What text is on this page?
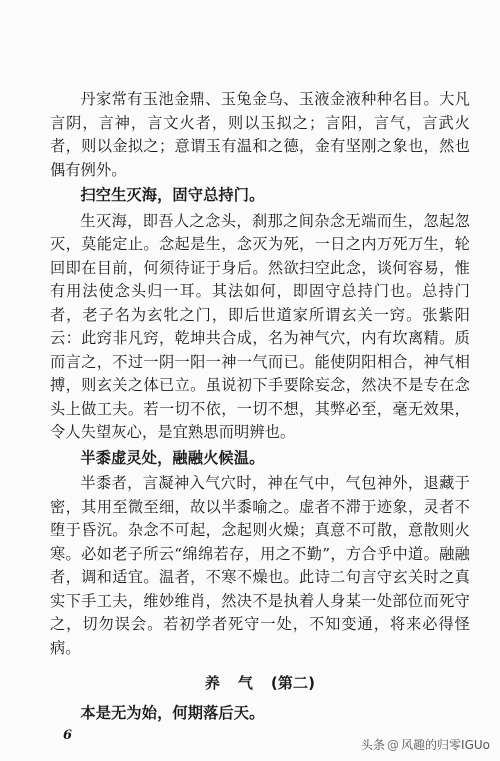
丹家常有玉池金鼎、玉兔金乌、玉液金液种种名目。大凡言阴，言神，言文火者，则以玉拟之；言阳，言气，言武火者，则以金拟之；意谓玉有温和之德，金有坚刚之象也，然也偶有例外。

扫空生灭海，固守总持门。

生灭海，即吾人之念头，刹那之间杂念无端而生，忽起忽灭，莫能定止。念起是生，念灭为死，一日之内万死万生，轮回即在目前，何须待证于身后。然欲扫空此念，谈何容易，惟有用法使念头归一耳。其法如何，即固守总持门也。总持门者，老子名为玄牝之门，即后世道家所谓玄关一窍。张紫阳云：此窍非凡窍，乾坤共合成，名为神气穴，内有坎离精。质而言之，不过一阴一阳一神一气而已。能使阴阳相合，神气相搏，则玄关之体已立。虽说初下手要除妄念，然决不是专在念头上做工夫。若一切不依，一切不想，其弊必至，毫无效果，令人失望灰心，是宜熟思而明辨也。

半黍虚灵处，融融火候温。

半黍者，言凝神入气穴时，神在气中，气包神外，退藏于密，其用至微至细，故以半黍喻之。虚者不滞于迹象，灵者不堕于昏沉。杂念不可起，念起则火燥；真意不可散，意散则火寒。必如老子所云“绵绵若存，用之不勤”，方合乎中道。融融者，调和适宜。温者，不寒不燥也。此诗二句言守玄关时之真实下手工夫，维妙维肖，然决不是执着人身某一处部位而死守之，切勿误会。若初学者死守一处，不知变通，将来必得怪病。

养气(第二)

本是无为始，何期落后天。

6
头条 @ 风趣的归零IGUo
